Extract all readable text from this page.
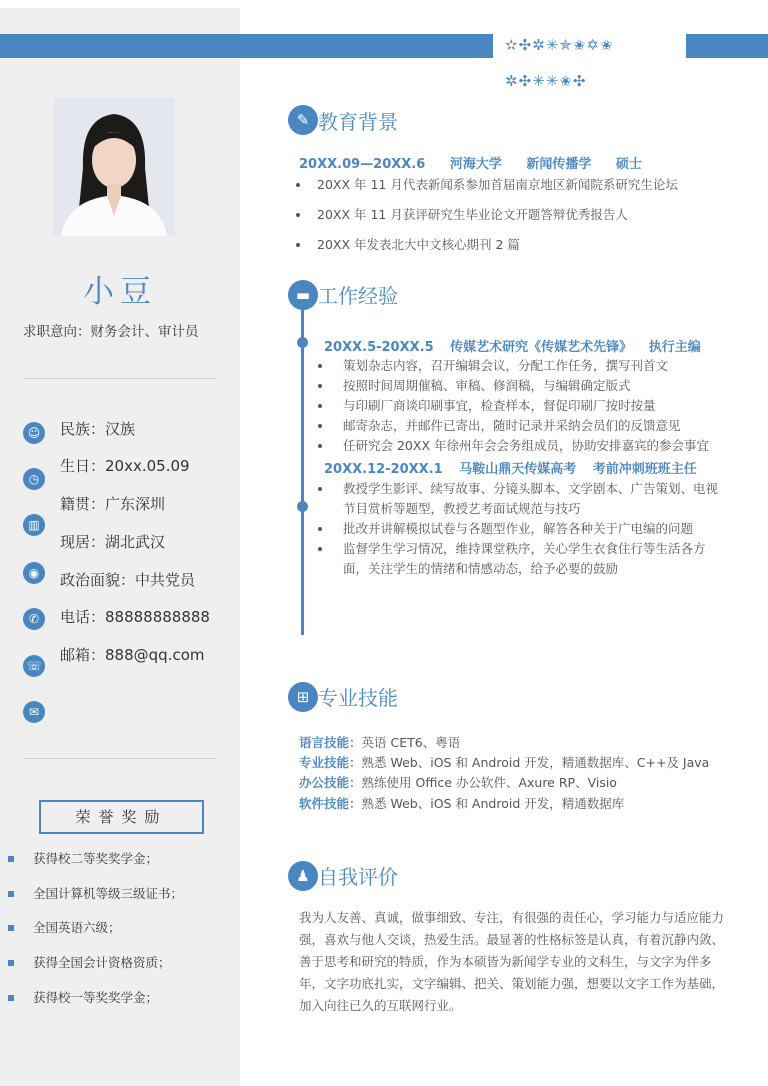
✫✣✲✳✯✬✡✬
✲✣✳✳✬✣
小豆
求职意向：财务会计、审计员
☺
◷
▥
◉
✆
☏
✉
民族：汉族
生日：20xx.05.09
籍贯：广东深圳
现居：湖北武汉
政治面貌：中共党员
电话：88888888888
邮箱：888@qq.com
荣誉奖励
获得校二等奖奖学金；
全国计算机等级三级证书；
全国英语六级；
获得全国会计资格资质；
获得校一等奖奖学金；
✎ 教育背景
20XX.09—20XX.6 河海大学 新闻传播学 硕士
20XX 年 11 月代表新闻系参加首届南京地区新闻院系研究生论坛
20XX 年 11 月获评研究生毕业论文开题答辩优秀报告人
20XX 年发表北大中文核心期刊 2 篇
▬ 工作经验
20XX.5-20XX.5 传媒艺术研究《传媒艺术先锋》 执行主编
策划杂志内容，召开编辑会议，分配工作任务，撰写刊首文
按照时间周期催稿、审稿、修润稿，与编辑确定版式
与印刷厂商谈印刷事宜，检查样本，督促印刷厂按时按量
邮寄杂志，并邮件已寄出，随时记录并采纳会员们的反馈意见
任研究会 20XX 年徐州年会会务组成员，协助安排嘉宾的参会事宜
20XX.12-20XX.1 马鞍山鼎天传媒高考 考前冲刺班班主任
教授学生影评、续写故事、分镜头脚本、文学剧本、广告策划、电视节目赏析等题型，教授艺考面试规范与技巧
批改并讲解模拟试卷与各题型作业，解答各种关于广电编的问题
监督学生学习情况，维持课堂秩序，关心学生衣食住行等生活各方面，关注学生的情绪和情感动态，给予必要的鼓励
⊞ 专业技能
语言技能：英语 CET6、粤语
专业技能：熟悉 Web、iOS 和 Android 开发，精通数据库、C++及 Java
办公技能：熟练使用 Office 办公软件、Axure RP、Visio
软件技能：熟悉 Web、iOS 和 Android 开发，精通数据库
♟ 自我评价
我为人友善、真诚，做事细致、专注，有很强的责任心，学习能力与适应能力强，喜欢与他人交谈，热爱生活。最显著的性格标签是认真，有着沉静内敛、善于思考和研究的特质，作为本硕皆为新闻学专业的文科生，与文字为伴多年，文字功底扎实，文字编辑、把关、策划能力强，想要以文字工作为基础，加入向往已久的互联网行业。
